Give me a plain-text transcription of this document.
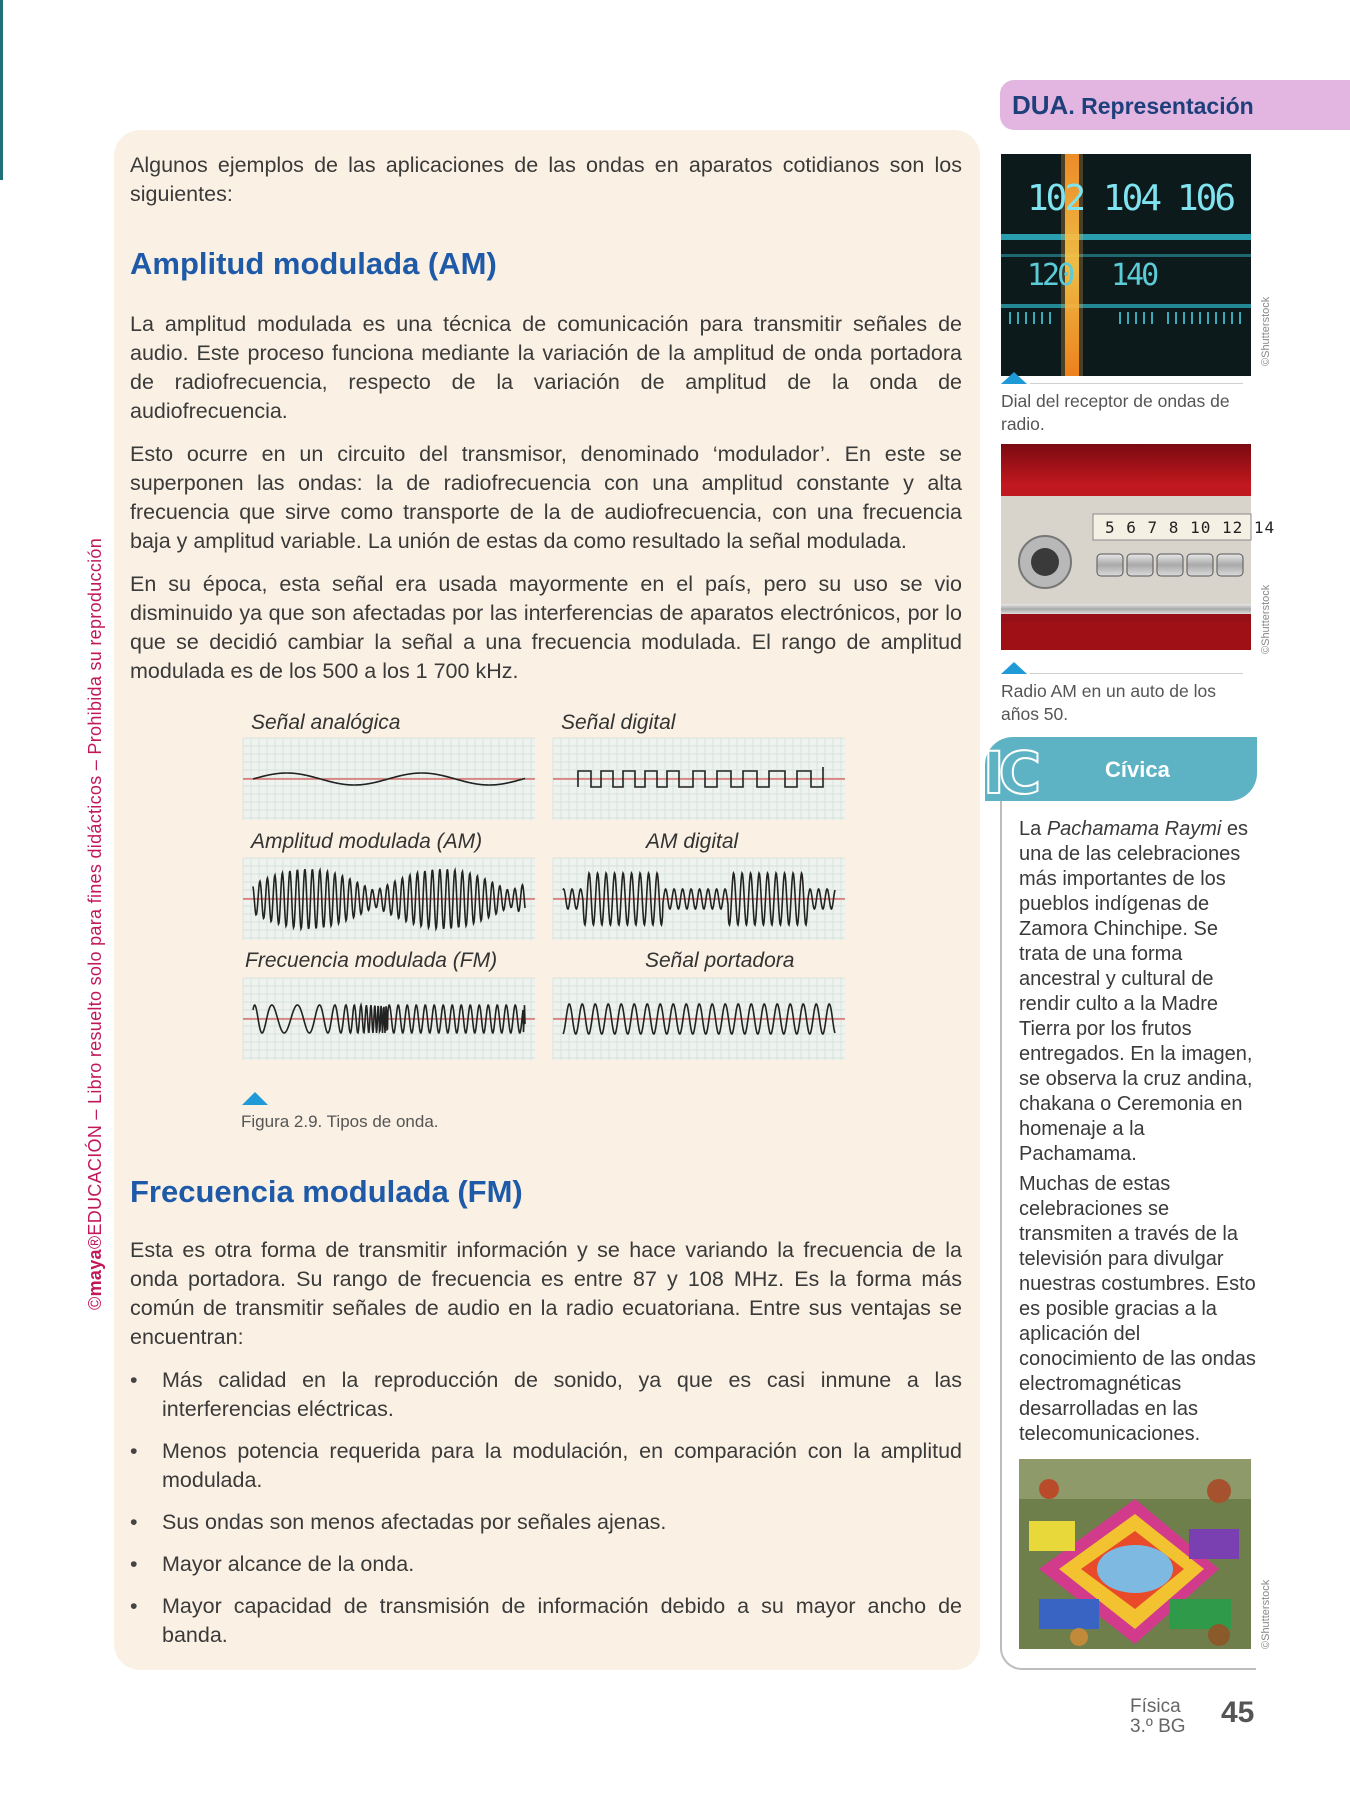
©maya®EDUCACIÓN – Libro resuelto solo para fines didácticos – Prohibida su reproducción

Algunos ejemplos de las aplicaciones de las ondas en aparatos cotidianos son los siguientes:

Amplitud modulada (AM)

La amplitud modulada es una técnica de comunicación para transmitir señales de audio. Este proceso funciona mediante la variación de la amplitud de onda portadora de radiofrecuencia, respecto de la variación de amplitud de la onda de audiofrecuencia.

Esto ocurre en un circuito del transmisor, denominado ‘modulador’. En este se superponen las ondas: la de radiofrecuencia con una amplitud constante y alta frecuencia que sirve como transporte de la de audiofrecuencia, con una frecuencia baja y amplitud variable. La unión de estas da como resultado la señal modulada.

En su época, esta señal era usada mayormente en el país, pero su uso se vio disminuido ya que son afectadas por las interferencias de aparatos electrónicos, por lo que se decidió cambiar la señal a una frecuencia modulada. El rango de amplitud modulada es de los 500 a los 1 700 kHz.

Señal analógica	Señal digital
Amplitud modulada (AM)	AM digital
Frecuencia modulada (FM)	Señal portadora
Figura 2.9. Tipos de onda.
Frecuencia modulada (FM)

Esta es otra forma de transmitir información y se hace variando la frecuencia de la onda portadora. Su rango de frecuencia es entre 87 y 108 MHz. Es la forma más común de transmitir señales de audio en la radio ecuatoriana. Entre sus ventajas se encuentran:

• Más calidad en la reproducción de sonido, ya que es casi inmune a las interferencias eléctricas.
• Menos potencia requerida para la modulación, en comparación con la amplitud modulada.
• Sus ondas son menos afectadas por señales ajenas.
• Mayor alcance de la onda.
• Mayor capacidad de transmisión de información debido a su mayor ancho de banda.
DUA. Representación
102 104 106
120 140
©Shutterstock

Dial del receptor de ondas de radio.

5 6 7 8 10 12 14
©Shutterstock

Radio AM en un auto de los años 50.

IC	Cívica

La Pachamama Raymi es una de las celebraciones más importantes de los pueblos indígenas de Zamora Chinchipe. Se trata de una forma ancestral y cultural de rendir culto a la Madre Tierra por los frutos entregados. En la imagen, se observa la cruz andina, chakana o Ceremonia en homenaje a la Pachamama.

Muchas de estas celebraciones se transmiten a través de la televisión para divulgar nuestras costumbres. Esto es posible gracias a la aplicación del conocimiento de las ondas electromagnéticas desarrolladas en las telecomunicaciones.

©Shutterstock
Física
3.º BG 45
